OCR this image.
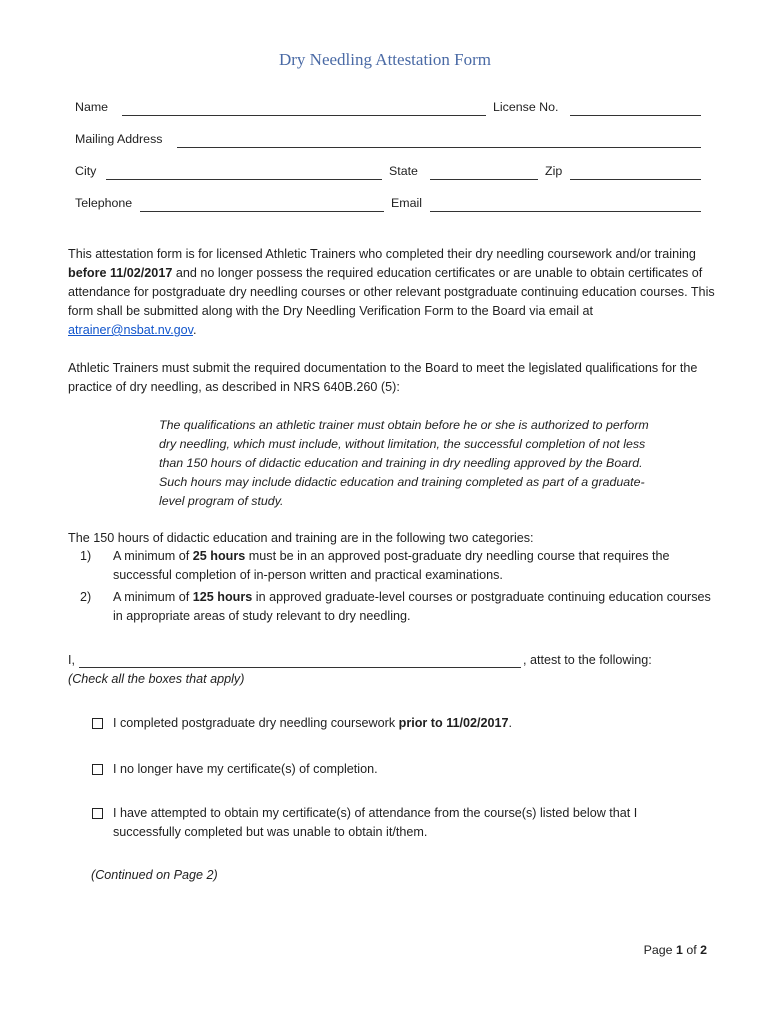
Dry Needling Attestation Form
Name	License No.
Mailing Address
City	State	Zip
Telephone	Email
This attestation form is for licensed Athletic Trainers who completed their dry needling coursework and/or training before 11/02/2017 and no longer possess the required education certificates or are unable to obtain certificates of attendance for postgraduate dry needling courses or other relevant postgraduate continuing education courses. This form shall be submitted along with the Dry Needling Verification Form to the Board via email at atrainer@nsbat.nv.gov.
Athletic Trainers must submit the required documentation to the Board to meet the legislated qualifications for the practice of dry needling, as described in NRS 640B.260 (5):
The qualifications an athletic trainer must obtain before he or she is authorized to perform dry needling, which must include, without limitation, the successful completion of not less than 150 hours of didactic education and training in dry needling approved by the Board. Such hours may include didactic education and training completed as part of a graduate-level program of study.
The 150 hours of didactic education and training are in the following two categories:
1)	A minimum of 25 hours must be in an approved post-graduate dry needling course that requires the successful completion of in-person written and practical examinations.
2)	A minimum of 125 hours in approved graduate-level courses or postgraduate continuing education courses in appropriate areas of study relevant to dry needling.
I,	, attest to the following:
(Check all the boxes that apply)
I completed postgraduate dry needling coursework prior to 11/02/2017.
I no longer have my certificate(s) of completion.
I have attempted to obtain my certificate(s) of attendance from the course(s) listed below that I successfully completed but was unable to obtain it/them.
(Continued on Page 2)
Page 1 of 2
